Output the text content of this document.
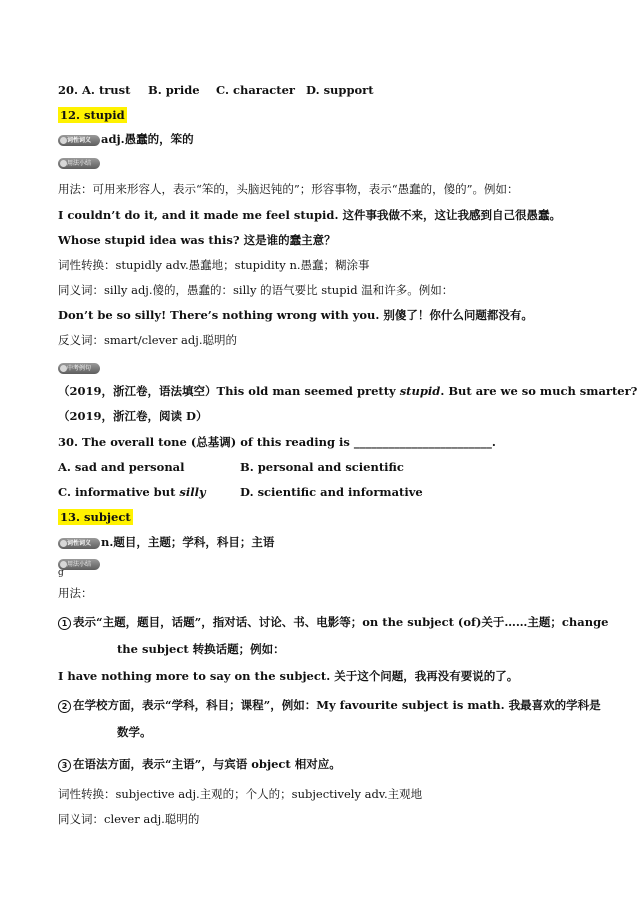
20. A. trust B. pride C. character D. support
12. stupid
词性词义 adj.愚蠢的，笨的
用法小结
用法：可用来形容人，表示“笨的，头脑迟钝的”；形容事物，表示“愚蠢的，傻的”。例如：
I couldn’t do it, and it made me feel stupid. 这件事我做不来，这让我感到自己很愚蠢。
Whose stupid idea was this? 这是谁的蠢主意？
词性转换：stupidly adv.愚蠢地；stupidity n.愚蠢；糊涂事
同义词：silly adj.傻的，愚蠢的：silly 的语气要比 stupid 温和许多。例如：
Don’t be so silly! There’s nothing wrong with you. 别傻了！你什么问题都没有。
反义词：smart/clever adj.聪明的
中考例句
（2019，浙江卷，语法填空）This old man seemed pretty stupid. But are we so much smarter?
（2019，浙江卷，阅读 D）
30. The overall tone (总基调) of this reading is ________________________.
A. sad and personal	B. personal and scientific
C. informative but silly	D. scientific and informative
13. subject
词性词义 n.题目，主题；学科，科目；主语
用法小结
g
用法：
1 表示“主题，题目，话题”，指对话、讨论、书、电影等；on the subject (of)关于……主题；change
the subject 转换话题；例如：
I have nothing more to say on the subject. 关于这个问题，我再没有要说的了。
2 在学校方面，表示“学科，科目；课程”，例如：My favourite subject is math. 我最喜欢的学科是
数学。
3 在语法方面，表示“主语”，与宾语 object 相对应。
词性转换：subjective adj.主观的；个人的；subjectively adv.主观地
同义词：clever adj.聪明的
